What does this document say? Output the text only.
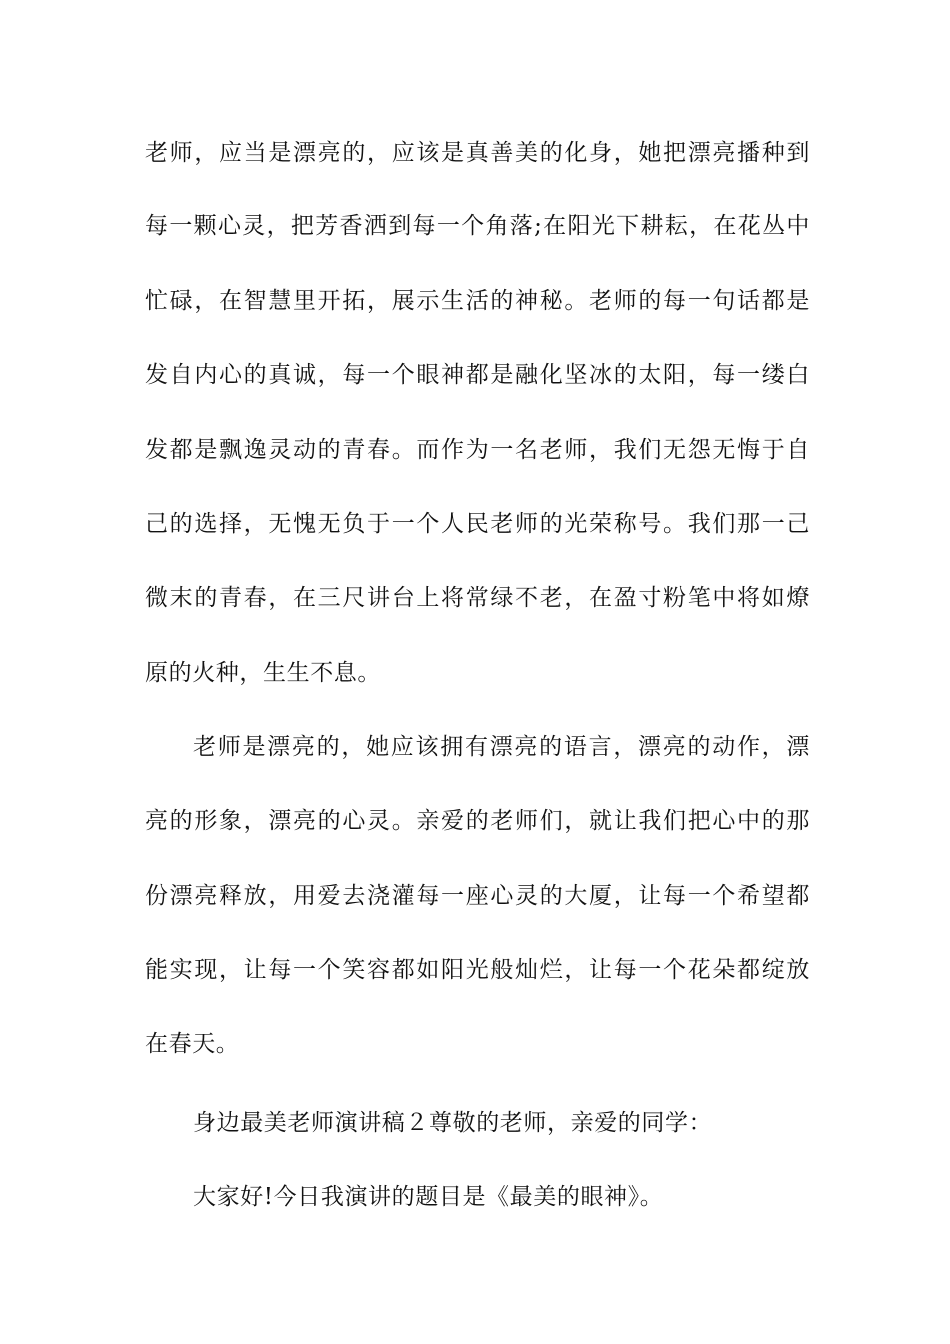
老师，应当是漂亮的，应该是真善美的化身，她把漂亮播种到
每一颗心灵，把芳香洒到每一个角落;在阳光下耕耘，在花丛中
忙碌，在智慧里开拓，展示生活的神秘。老师的每一句话都是
发自内心的真诚，每一个眼神都是融化坚冰的太阳，每一缕白
发都是飘逸灵动的青春。而作为一名老师，我们无怨无悔于自
己的选择，无愧无负于一个人民老师的光荣称号。我们那一己
微末的青春，在三尺讲台上将常绿不老，在盈寸粉笔中将如燎
原的火种，生生不息。
老师是漂亮的，她应该拥有漂亮的语言，漂亮的动作，漂
亮的形象，漂亮的心灵。亲爱的老师们，就让我们把心中的那
份漂亮释放，用爱去浇灌每一座心灵的大厦，让每一个希望都
能实现，让每一个笑容都如阳光般灿烂，让每一个花朵都绽放
在春天。
身边最美老师演讲稿２尊敬的老师，亲爱的同学：
大家好!今日我演讲的题目是《最美的眼神》。
